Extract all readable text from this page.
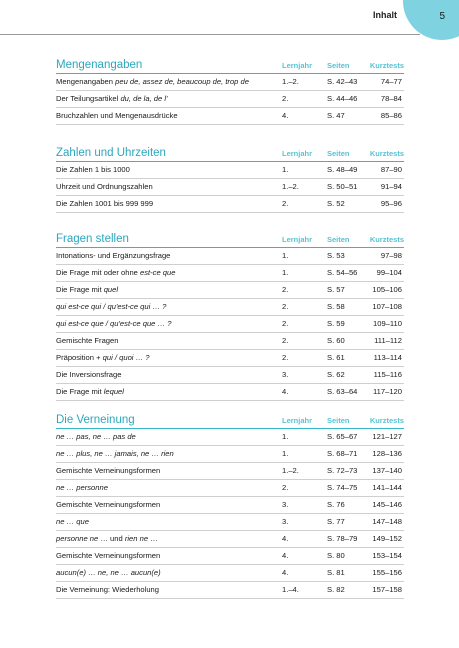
5
Inhalt
Mengenangaben	Lernjahr Seiten	Kurztests
Mengenangaben peu de, assez de, beaucoup de, trop de	1.–2.	S. 42–43	74–77
Der Teilungsartikel du, de la, de l'	2.	S. 44–46	78–84
Bruchzahlen und Mengenausdrücke	4.	S. 47	85–86
Zahlen und Uhrzeiten	Lernjahr Seiten	Kurztests
Die Zahlen 1 bis 1000	1.	S. 48–49	87–90
Uhrzeit und Ordnungszahlen	1.–2.	S. 50–51	91–94
Die Zahlen 1001 bis 999 999	2.	S. 52	95–96
Fragen stellen	Lernjahr Seiten	Kurztests
Intonations- und Ergänzungsfrage	1.	S. 53	97–98
Die Frage mit oder ohne est-ce que	1.	S. 54–56	99–104
Die Frage mit quel	2.	S. 57	105–106
qui est-ce qui / qu'est-ce qui … ?	2.	S. 58	107–108
qui est-ce que / qu'est-ce que … ?	2.	S. 59	109–110
Gemischte Fragen	2.	S. 60	111–112
Präposition + qui / quoi … ?	2.	S. 61	113–114
Die Inversionsfrage	3.	S. 62	115–116
Die Frage mit lequel	4.	S. 63–64 117–120
Die Verneinung	Lernjahr Seiten	Kurztests
ne … pas, ne … pas de	1.	S. 65–67 121–127
ne … plus, ne … jamais, ne … rien	1.	S. 68–71 128–136
Gemischte Verneinungsformen	1.–2.	S. 72–73 137–140
ne … personne	2.	S. 74–75 141–144
Gemischte Verneinungsformen	3.	S. 76	145–146
ne … que	3.	S. 77	147–148
personne ne … und rien ne …	4.	S. 78–79 149–152
Gemischte Verneinungsformen	4.	S. 80	153–154
aucun(e) … ne, ne … aucun(e)	4.	S. 81	155–156
Die Verneinung: Wiederholung	1.–4.	S. 82	157–158
